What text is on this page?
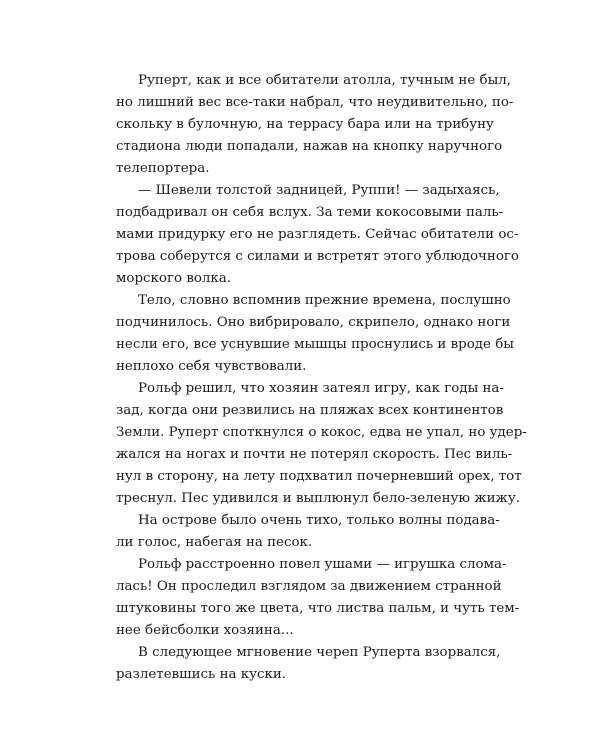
Руперт, как и все обитатели атолла, тучным не был,
но лишний вес все-таки набрал, что неудивительно, по-
скольку в булочную, на террасу бара или на трибуну
стадиона люди попадали, нажав на кнопку наручного
телепортера.
— Шевели толстой задницей, Руппи! — задыхаясь,
подбадривал он себя вслух. За теми кокосовыми паль-
мами придурку его не разглядеть. Сейчас обитатели ос-
трова соберутся с силами и встретят этого ублюдочного
морского волка.
Тело, словно вспомнив прежние времена, послушно
подчинилось. Оно вибрировало, скрипело, однако ноги
несли его, все уснувшие мышцы проснулись и вроде бы
неплохо себя чувствовали.
Рольф решил, что хозяин затеял игру, как годы на-
зад, когда они резвились на пляжах всех континентов
Земли. Руперт споткнулся о кокос, едва не упал, но удер-
жался на ногах и почти не потерял скорость. Пес виль-
нул в сторону, на лету подхватил почерневший орех, тот
треснул. Пес удивился и выплюнул бело-зеленую жижу.
На острове было очень тихо, только волны подава-
ли голос, набегая на песок.
Рольф расстроенно повел ушами — игрушка слома-
лась! Он проследил взглядом за движением странной
штуковины того же цвета, что листва пальм, и чуть тем-
нее бейсболки хозяина...
В следующее мгновение череп Руперта взорвался,
разлетевшись на куски.
